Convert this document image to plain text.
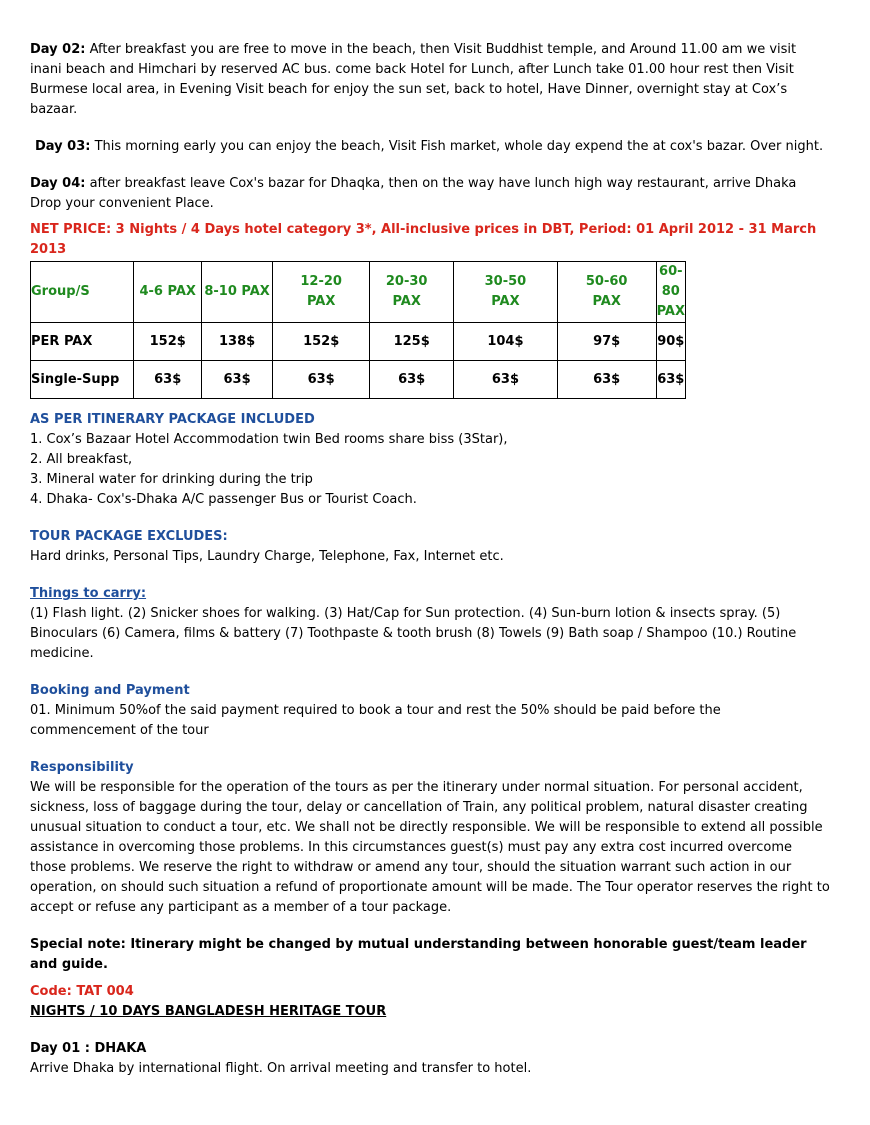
Day 02: After breakfast you are free to move in the beach, then Visit Buddhist temple, and Around 11.00 am we visit inani beach and Himchari by reserved AC bus. come back Hotel for Lunch, after Lunch take 01.00 hour rest then Visit Burmese local area, in Evening Visit beach for enjoy the sun set, back to hotel, Have Dinner, overnight stay at Cox’s bazaar.

Day 03: This morning early you can enjoy the beach, Visit Fish market, whole day expend the at cox's bazar. Over night.

Day 04: after breakfast leave Cox's bazar for Dhaqka, then on the way have lunch high way restaurant, arrive Dhaka Drop your convenient Place.

NET PRICE: 3 Nights / 4 Days hotel category 3*, All-inclusive prices in DBT, Period: 01 April 2012 - 31 March 2013

Group/S	4-6 PAX	8-10 PAX	12-20 PAX	20-30 PAX	30-50 PAX	50-60 PAX	60-80 PAX
PER PAX	152$	138$	152$	125$	104$	97$	90$
Single-Supp	63$	63$	63$	63$	63$	63$	63$

AS PER ITINERARY PACKAGE INCLUDED

1. Cox’s Bazaar Hotel Accommodation twin Bed rooms share biss (3Star),
2. All breakfast,
3. Mineral water for drinking during the trip
4. Dhaka- Cox's-Dhaka A/C passenger Bus or Tourist Coach.

TOUR PACKAGE EXCLUDES:

Hard drinks, Personal Tips, Laundry Charge, Telephone, Fax, Internet etc.

Things to carry:

(1) Flash light. (2) Snicker shoes for walking. (3) Hat/Cap for Sun protection. (4) Sun-burn lotion & insects spray. (5) Binoculars (6) Camera, films & battery (7) Toothpaste & tooth brush (8) Towels (9) Bath soap / Shampoo (10.) Routine medicine.

Booking and Payment

01. Minimum 50%of the said payment required to book a tour and rest the 50% should be paid before the commencement of the tour

Responsibility

We will be responsible for the operation of the tours as per the itinerary under normal situation. For personal accident, sickness, loss of baggage during the tour, delay or cancellation of Train, any political problem, natural disaster creating unusual situation to conduct a tour, etc. We shall not be directly responsible. We will be responsible to extend all possible assistance in overcoming those problems. In this circumstances guest(s) must pay any extra cost incurred overcome those problems. We reserve the right to withdraw or amend any tour, should the situation warrant such action in our operation, on should such situation a refund of proportionate amount will be made. The Tour operator reserves the right to accept or refuse any participant as a member of a tour package.

Special note: Itinerary might be changed by mutual understanding between honorable guest/team leader and guide.

Code: TAT 004

NIGHTS / 10 DAYS BANGLADESH HERITAGE TOUR

Day 01 : DHAKA

Arrive Dhaka by international flight. On arrival meeting and transfer to hotel.
